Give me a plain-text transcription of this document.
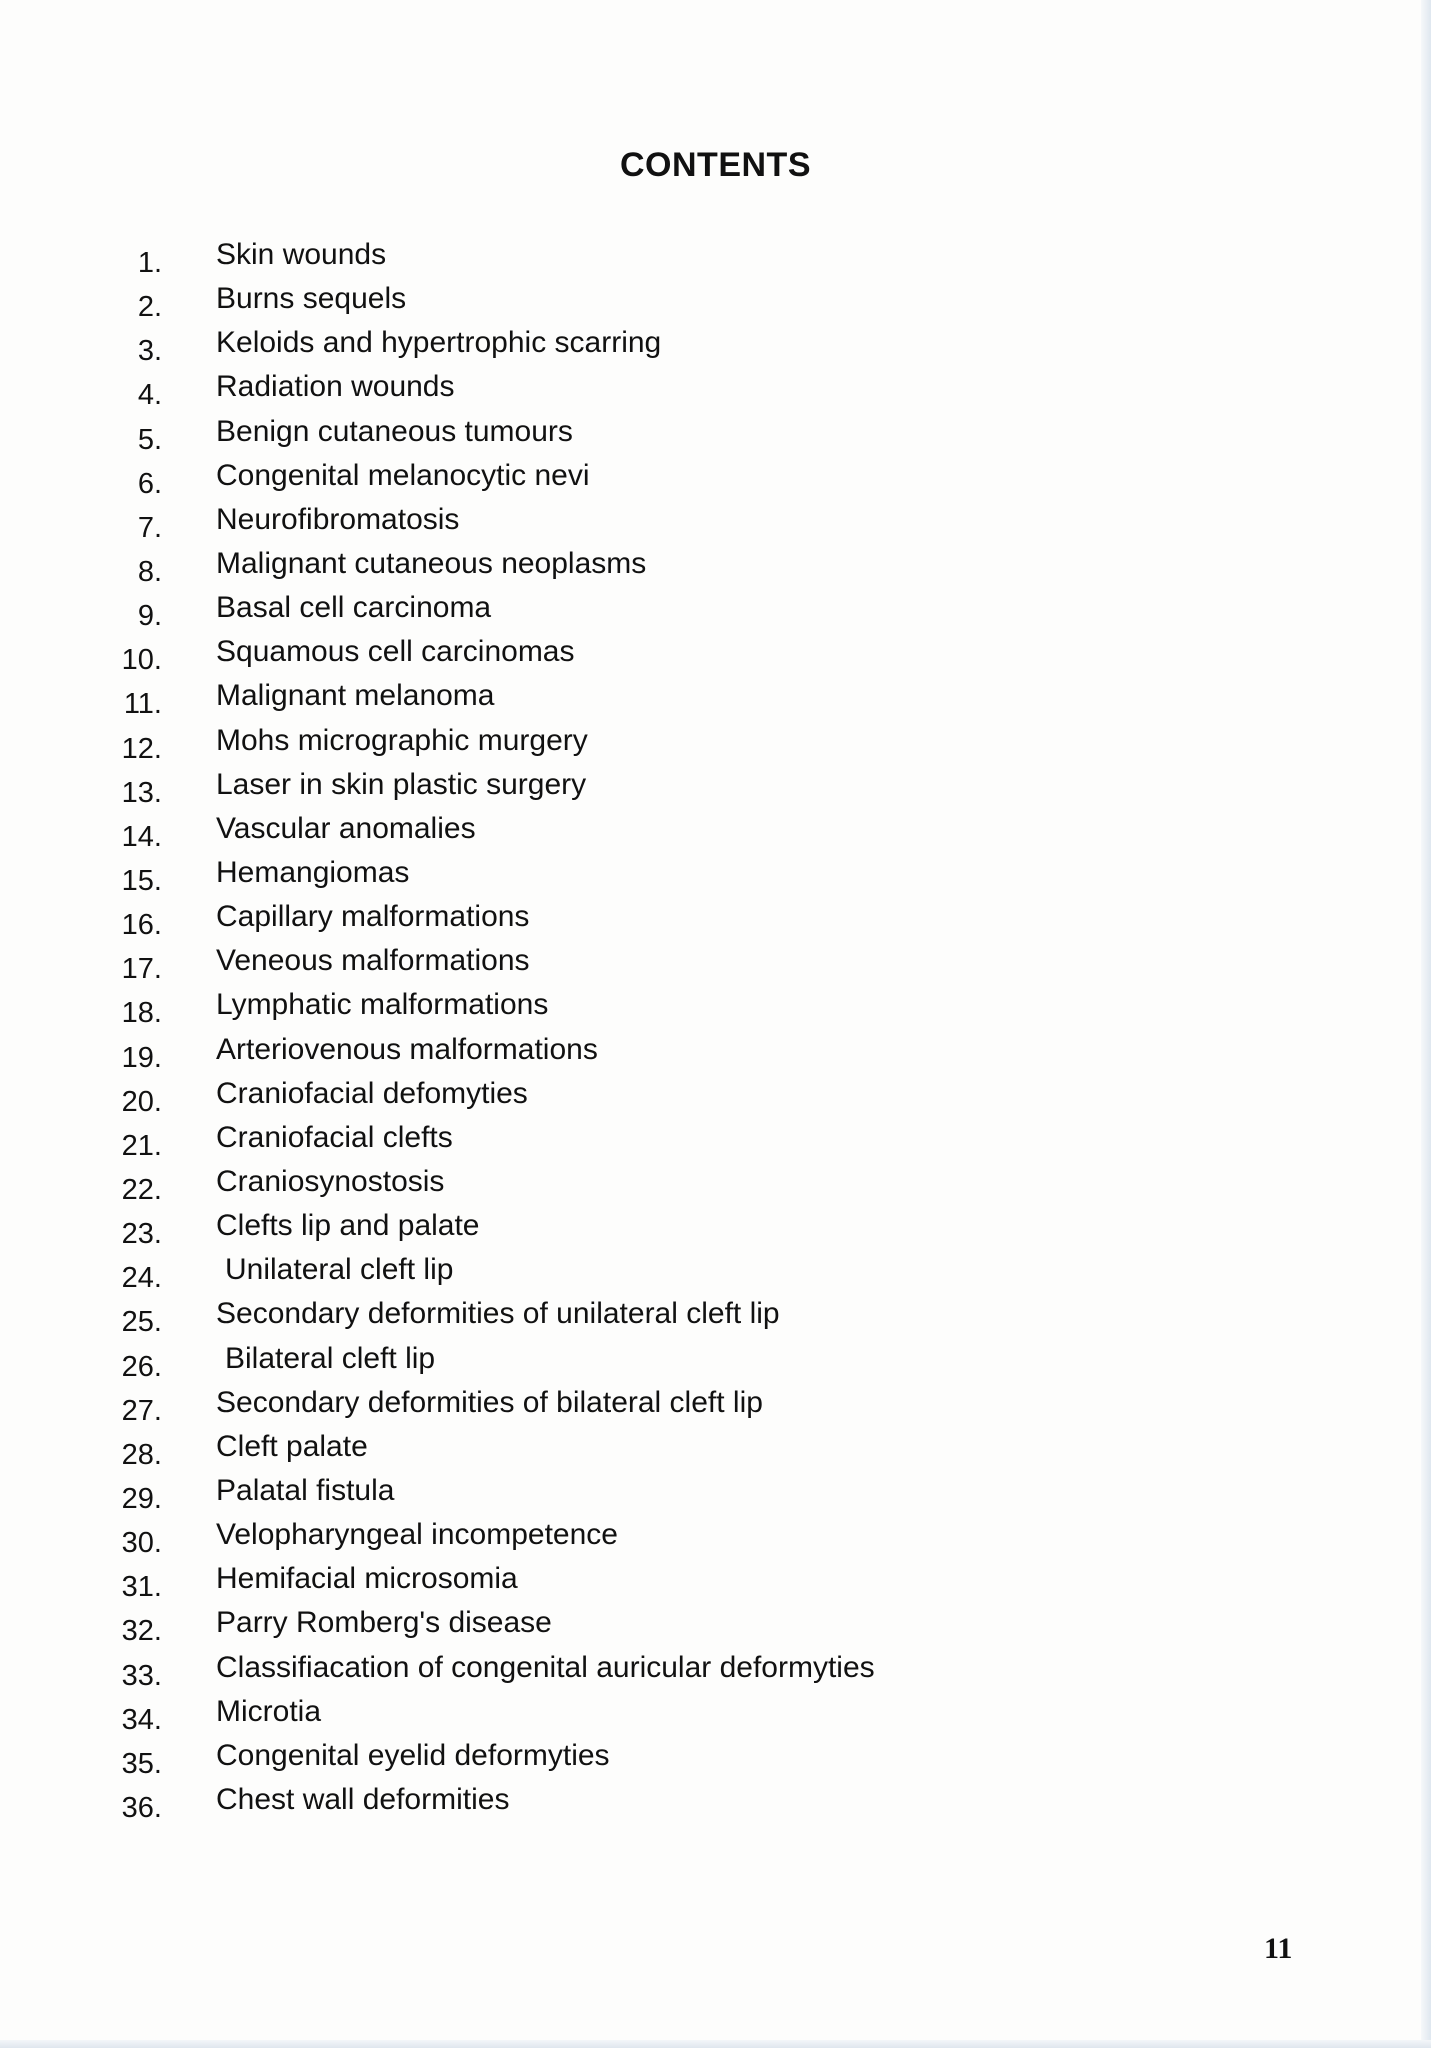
CONTENTS
1. Skin wounds
2. Burns sequels
3. Keloids and hypertrophic scarring
4. Radiation wounds
5. Benign cutaneous tumours
6. Congenital melanocytic nevi
7. Neurofibromatosis
8. Malignant cutaneous neoplasms
9. Basal cell carcinoma
10. Squamous cell carcinomas
11. Malignant melanoma
12. Mohs micrographic murgery
13. Laser in skin plastic surgery
14. Vascular anomalies
15. Hemangiomas
16. Capillary malformations
17. Veneous malformations
18. Lymphatic malformations
19. Arteriovenous malformations
20. Craniofacial defomyties
21. Craniofacial clefts
22. Craniosynostosis
23. Clefts lip and palate
24.	Unilateral cleft lip
25. Secondary deformities of unilateral cleft lip
26.	Bilateral cleft lip
27. Secondary deformities of bilateral cleft lip
28. Cleft palate
29. Palatal fistula
30. Velopharyngeal incompetence
31. Hemifacial microsomia
32. Parry Romberg's disease
33. Classifiacation of congenital auricular deformyties
34. Microtia
35. Congenital eyelid deformyties
36. Chest wall deformities
11
